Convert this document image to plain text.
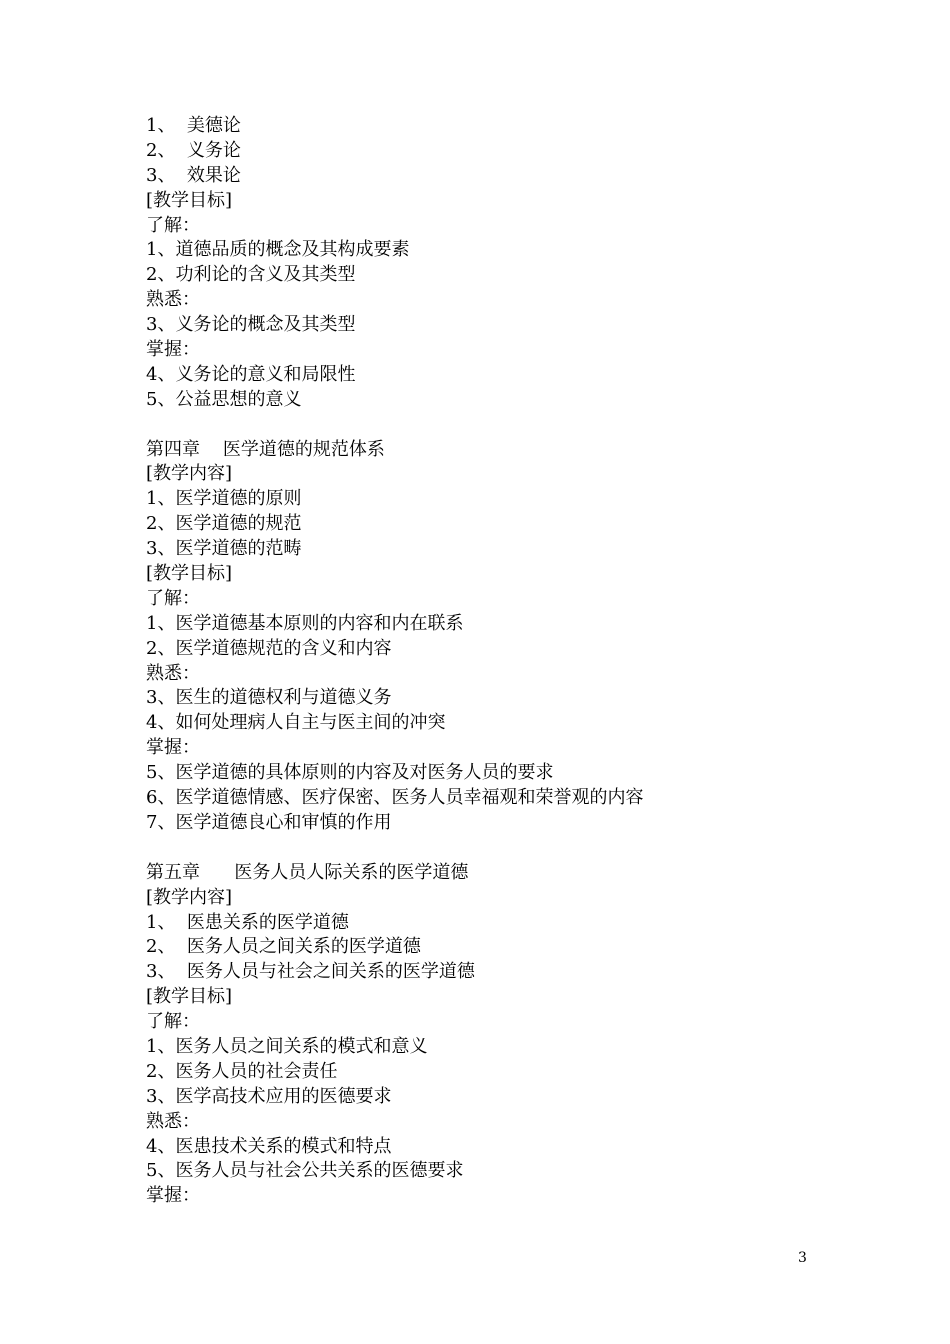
1、  美德论
2、  义务论
3、  效果论
[教学目标]
了解：
1、道德品质的概念及其构成要素
2、功利论的含义及其类型
熟悉：
3、义务论的概念及其类型
掌握：
4、义务论的意义和局限性
5、公益思想的意义
第四章    医学道德的规范体系
[教学内容]
1、医学道德的原则
2、医学道德的规范
3、医学道德的范畴
[教学目标]
了解：
1、医学道德基本原则的内容和内在联系
2、医学道德规范的含义和内容
熟悉：
3、医生的道德权利与道德义务
4、如何处理病人自主与医主间的冲突
掌握：
5、医学道德的具体原则的内容及对医务人员的要求
6、医学道德情感、医疗保密、医务人员幸福观和荣誉观的内容
7、医学道德良心和审慎的作用
第五章      医务人员人际关系的医学道德
[教学内容]
1、  医患关系的医学道德
2、  医务人员之间关系的医学道德
3、  医务人员与社会之间关系的医学道德
[教学目标]
了解：
1、医务人员之间关系的模式和意义
2、医务人员的社会责任
3、医学高技术应用的医德要求
熟悉：
4、医患技术关系的模式和特点
5、医务人员与社会公共关系的医德要求
掌握：
3
